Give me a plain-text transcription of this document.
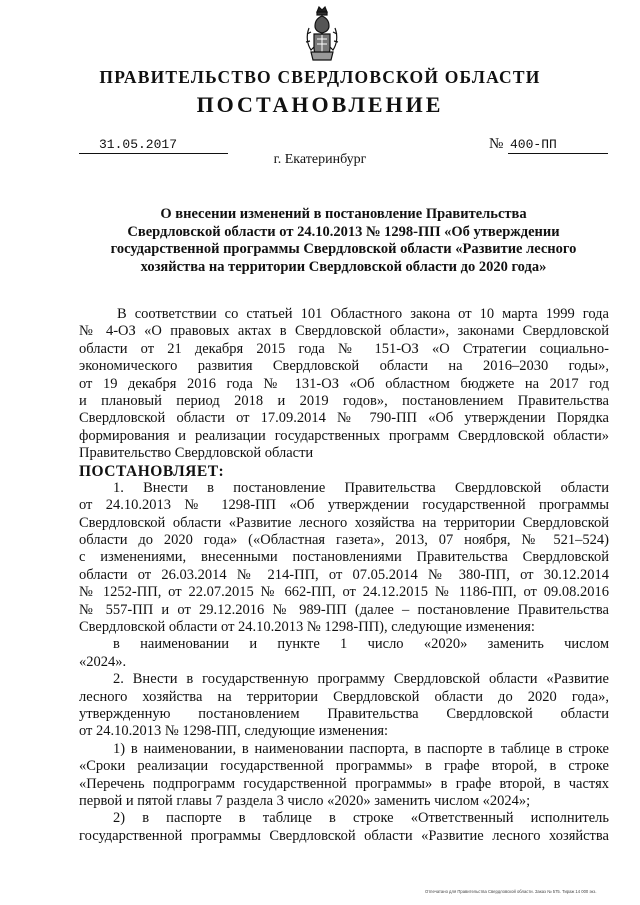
ПРАВИТЕЛЬСТВО СВЕРДЛОВСКОЙ ОБЛАСТИ
ПОСТАНОВЛЕНИЕ
31.05.2017	№ 400-ПП
г. Екатеринбург
О внесении изменений в постановление Правительства
Свердловской области от 24.10.2013 № 1298-ПП «Об утверждении
государственной программы Свердловской области «Развитие лесного
хозяйства на территории Свердловской области до 2020 года»
В соответствии со статьей 101 Областного закона от 10 марта 1999 года
№ 4-ОЗ «О правовых актах в Свердловской области», законами Свердловской
области от 21 декабря 2015 года № 151-ОЗ «О Стратегии социально-
экономического развития Свердловской области на 2016–2030 годы»,
от 19 декабря 2016 года № 131-ОЗ «Об областном бюджете на 2017 год
и плановый период 2018 и 2019 годов», постановлением Правительства
Свердловской области от 17.09.2014 № 790-ПП «Об утверждении Порядка
формирования и реализации государственных программ Свердловской области»
Правительство Свердловской области
ПОСТАНОВЛЯЕТ:
1. Внести в постановление Правительства Свердловской области
от 24.10.2013 № 1298-ПП «Об утверждении государственной программы
Свердловской области «Развитие лесного хозяйства на территории Свердловской
области до 2020 года» («Областная газета», 2013, 07 ноября, № 521–524)
с изменениями, внесенными постановлениями Правительства Свердловской
области от 26.03.2014 № 214-ПП, от 07.05.2014 № 380-ПП, от 30.12.2014
№ 1252-ПП, от 22.07.2015 № 662-ПП, от 24.12.2015 № 1186-ПП, от 09.08.2016
№ 557-ПП и от 29.12.2016 № 989-ПП (далее – постановление Правительства
Свердловской области от 24.10.2013 № 1298-ПП), следующие изменения:
в наименовании и пункте 1 число «2020» заменить числом
«2024».
2. Внести в государственную программу Свердловской области «Развитие
лесного хозяйства на территории Свердловской области до 2020 года»,
утвержденную постановлением Правительства Свердловской области
от 24.10.2013 № 1298-ПП, следующие изменения:
1) в наименовании, в наименовании паспорта, в паспорте в таблице в строке
«Сроки реализации государственной программы» в графе второй, в строке
«Перечень подпрограмм государственной программы» в графе второй, в частях
первой и пятой главы 7 раздела 3 число «2020» заменить числом «2024»;
2) в паспорте в таблице в строке «Ответственный исполнитель
государственной программы Свердловской области «Развитие лесного хозяйства
Отпечатано для Правительства Свердловской области. Заказ № 575. Тираж 14 000 экз.
